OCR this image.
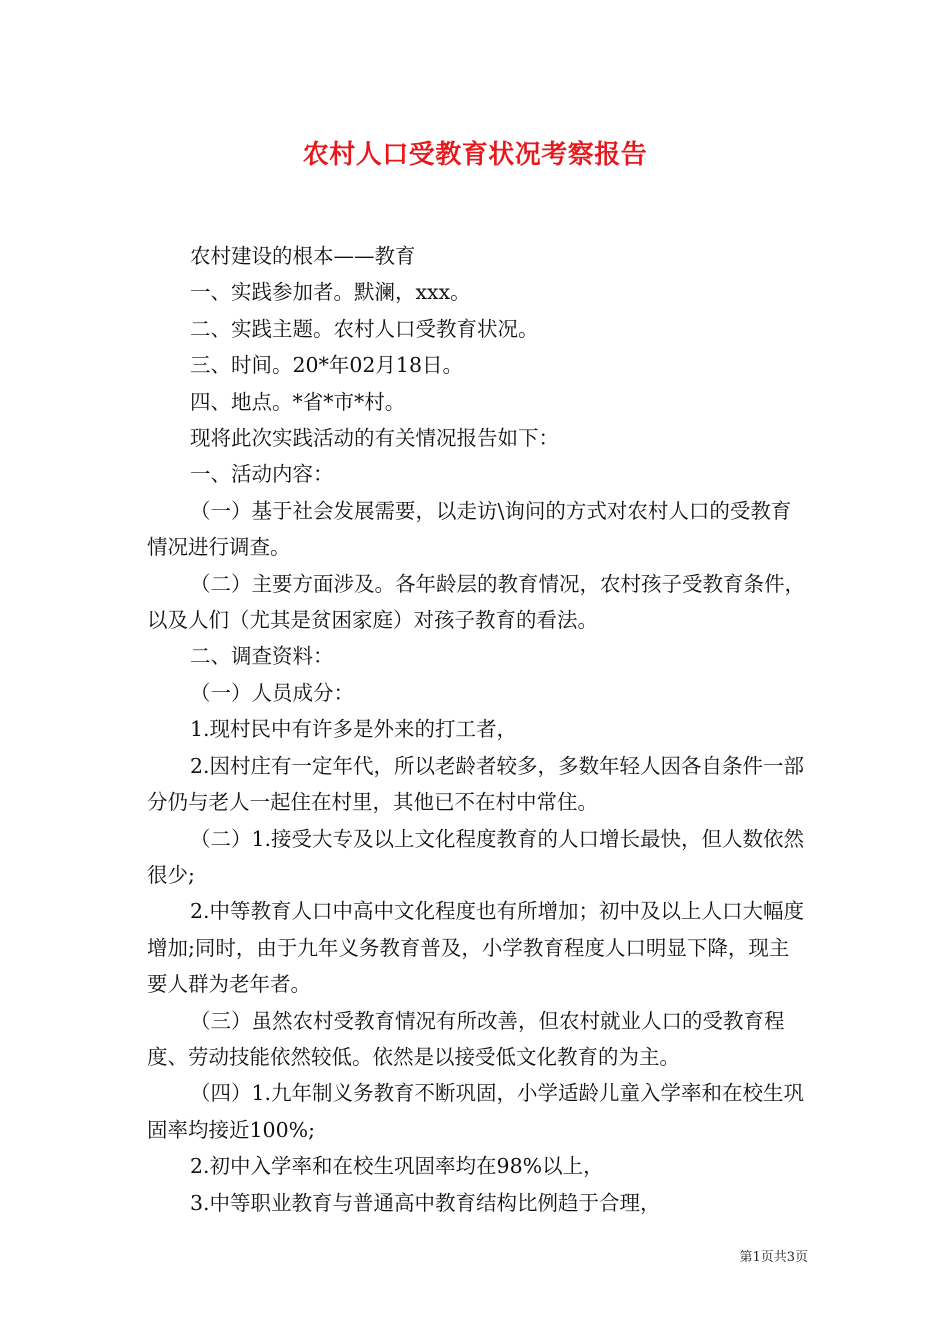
农村人口受教育状况考察报告

农村建设的根本——教育

一、实践参加者。默澜，xxx。

二、实践主题。农村人口受教育状况。

三、时间。20*年02月18日。

四、地点。*省*市*村。

现将此次实践活动的有关情况报告如下：

一、活动内容：

（一）基于社会发展需要，以走访\询问的方式对农村人口的受教育情况进行调查。

（二）主要方面涉及。各年龄层的教育情况，农村孩子受教育条件，以及人们（尤其是贫困家庭）对孩子教育的看法。

二、调查资料：

（一）人员成分：

1.现村民中有许多是外来的打工者，

2.因村庄有一定年代，所以老龄者较多，多数年轻人因各自条件一部分仍与老人一起住在村里，其他已不在村中常住。

（二）1.接受大专及以上文化程度教育的人口增长最快，但人数依然很少;

2.中等教育人口中高中文化程度也有所增加；初中及以上人口大幅度增加;同时，由于九年义务教育普及，小学教育程度人口明显下降，现主要人群为老年者。

（三）虽然农村受教育情况有所改善，但农村就业人口的受教育程度、劳动技能依然较低。依然是以接受低文化教育的为主。

（四）1.九年制义务教育不断巩固，小学适龄儿童入学率和在校生巩固率均接近100%;

2.初中入学率和在校生巩固率均在98%以上，

3.中等职业教育与普通高中教育结构比例趋于合理，

第1页共3页
